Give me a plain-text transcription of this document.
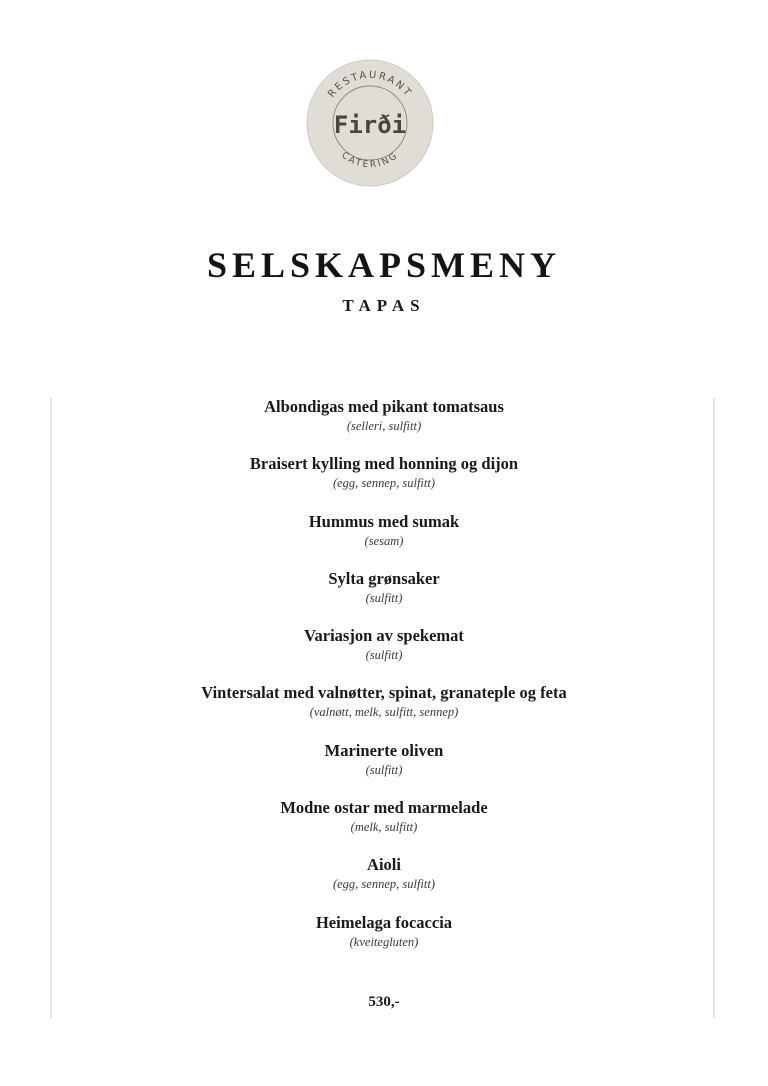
RESTAURANT
Firði
CATERING
SELSKAPSMENY
TAPAS
Albondigas med pikant tomatsaus
(selleri, sulfitt)
Braisert kylling med honning og dijon
(egg, sennep, sulfitt)
Hummus med sumak
(sesam)
Sylta grønsaker
(sulfitt)
Variasjon av spekemat
(sulfitt)
Vintersalat med valnøtter, spinat, granateple og feta
(valnøtt, melk, sulfitt, sennep)
Marinerte oliven
(sulfitt)
Modne ostar med marmelade
(melk, sulfitt)
Aioli
(egg, sennep, sulfitt)
Heimelaga focaccia
(kveitegluten)
530,-
